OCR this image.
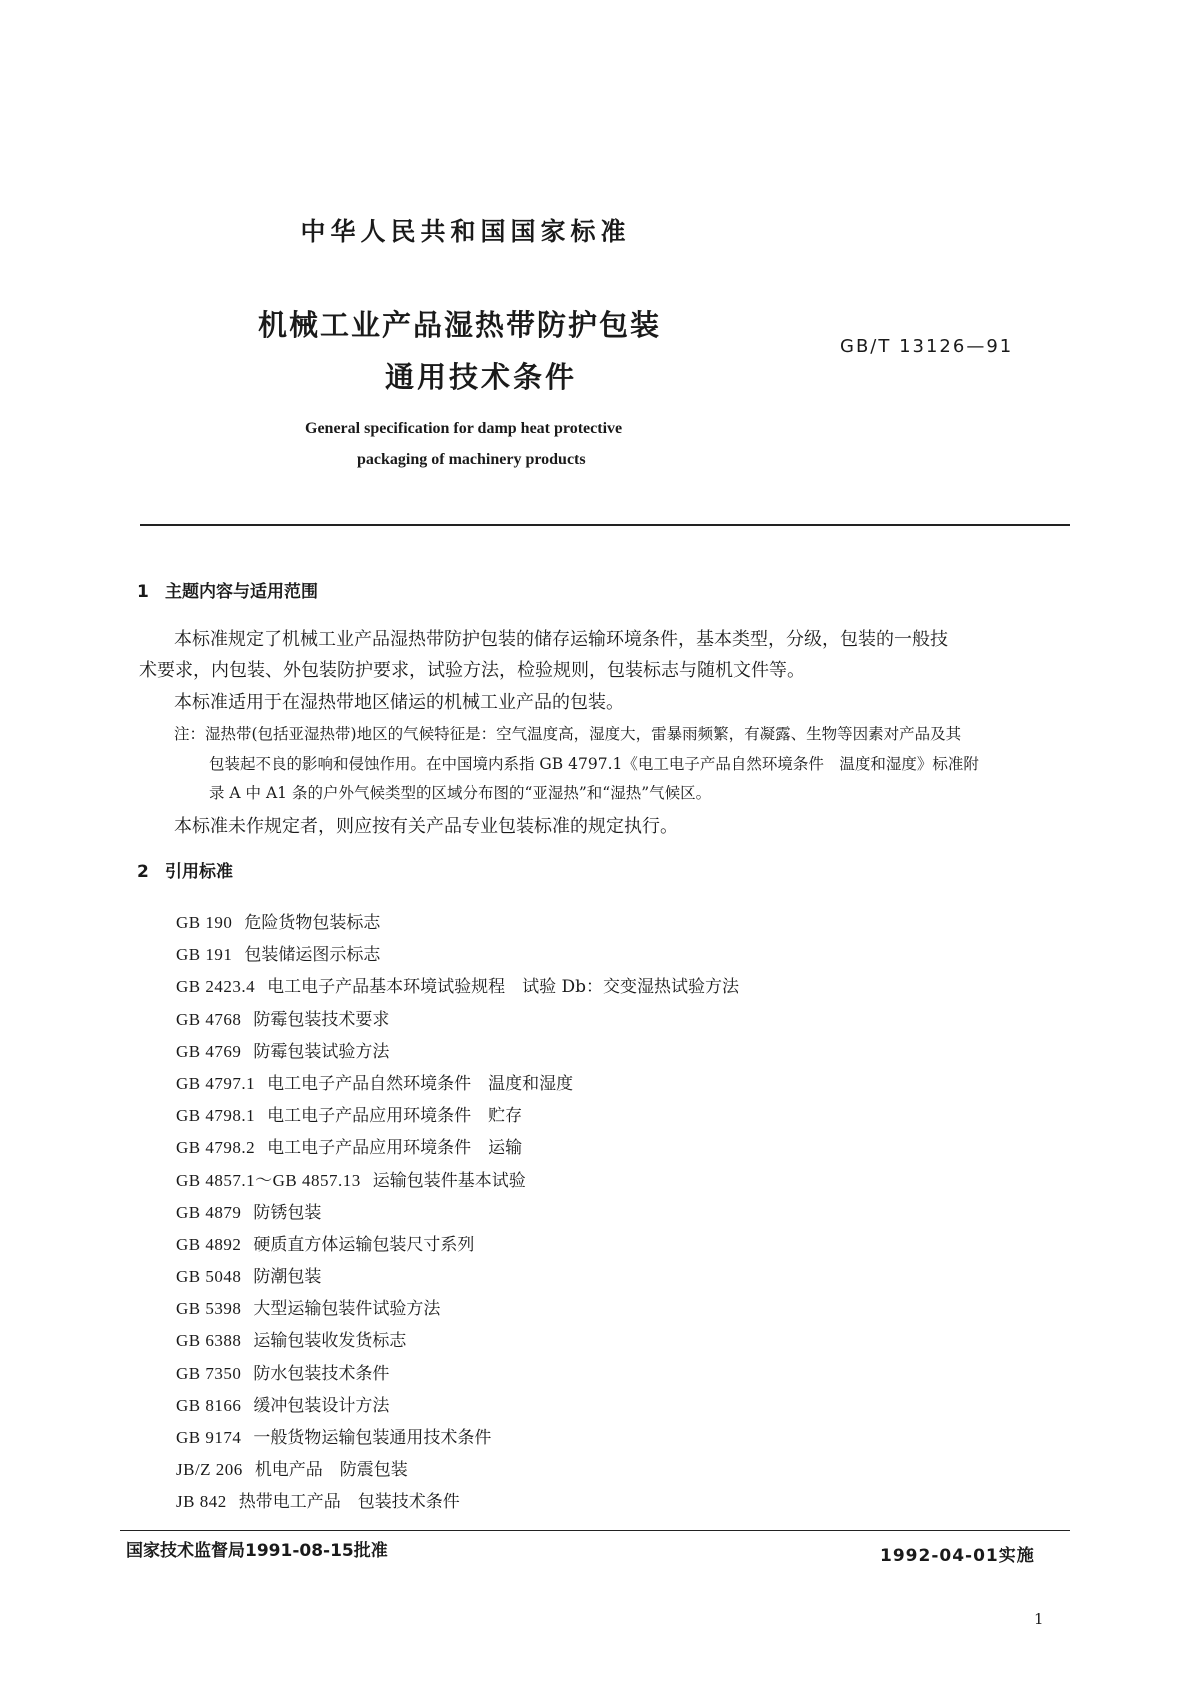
中华人民共和国国家标准
机械工业产品湿热带防护包装
通用技术条件
GB/T 13126—91
General specification for damp heat protective
packaging of machinery products
1 主题内容与适用范围
本标准规定了机械工业产品湿热带防护包装的储存运输环境条件，基本类型，分级，包装的一般技
术要求，内包装、外包装防护要求，试验方法，检验规则，包装标志与随机文件等。
本标准适用于在湿热带地区储运的机械工业产品的包装。
注：湿热带(包括亚湿热带)地区的气候特征是：空气温度高，湿度大，雷暴雨频繁，有凝露、生物等因素对产品及其
包装起不良的影响和侵蚀作用。在中国境内系指 GB 4797.1《电工电子产品自然环境条件　温度和湿度》标准附
录 A 中 A1 条的户外气候类型的区域分布图的“亚湿热”和“湿热”气候区。
本标准未作规定者，则应按有关产品专业包装标准的规定执行。
2 引用标准
GB 190 危险货物包装标志
GB 191 包装储运图示标志
GB 2423.4 电工电子产品基本环境试验规程　试验 Db：交变湿热试验方法
GB 4768 防霉包装技术要求
GB 4769 防霉包装试验方法
GB 4797.1 电工电子产品自然环境条件　温度和湿度
GB 4798.1 电工电子产品应用环境条件　贮存
GB 4798.2 电工电子产品应用环境条件　运输
GB 4857.1～GB 4857.13 运输包装件基本试验
GB 4879 防锈包装
GB 4892 硬质直方体运输包装尺寸系列
GB 5048 防潮包装
GB 5398 大型运输包装件试验方法
GB 6388 运输包装收发货标志
GB 7350 防水包装技术条件
GB 8166 缓冲包装设计方法
GB 9174 一般货物运输包装通用技术条件
JB/Z 206 机电产品　防震包装
JB 842 热带电工产品　包装技术条件
国家技术监督局1991-08-15批准	1992-04-01实施
1
